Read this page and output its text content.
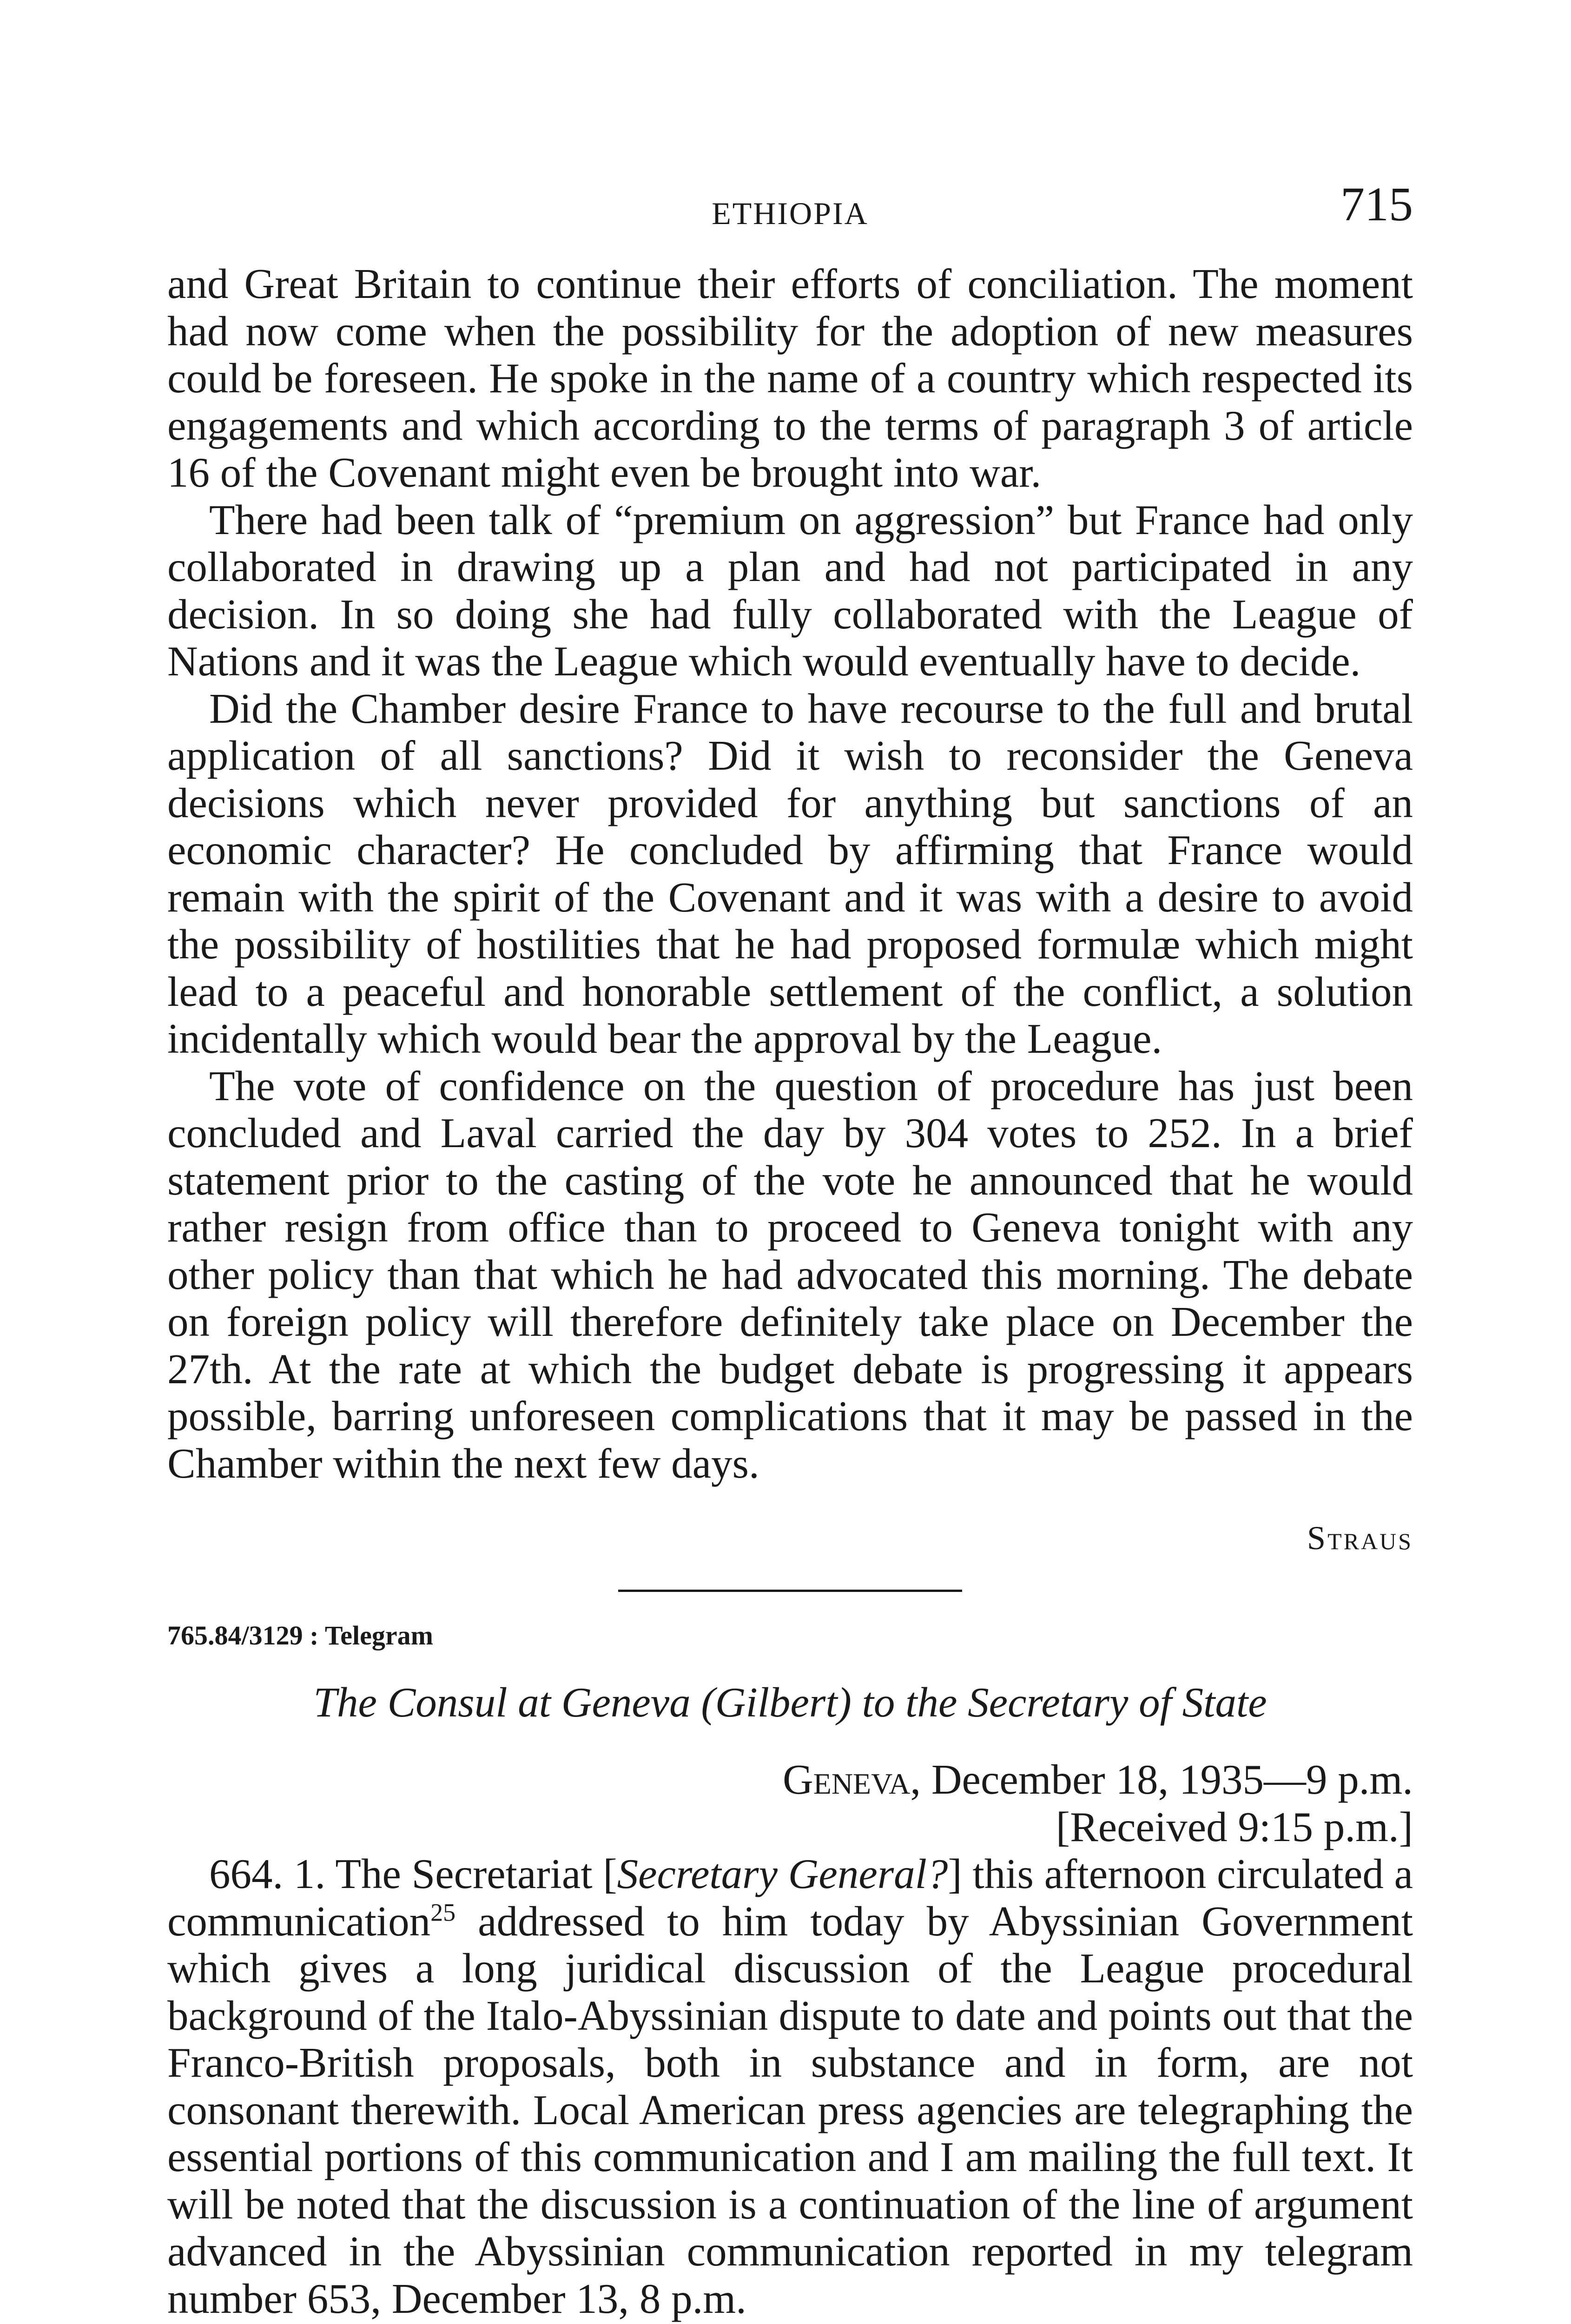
ETHIOPIA	715

and Great Britain to continue their efforts of conciliation. The moment had now come when the possibility for the adoption of new measures could be foreseen. He spoke in the name of a country which respected its engagements and which according to the terms of paragraph 3 of article 16 of the Covenant might even be brought into war.

There had been talk of “premium on aggression” but France had only collaborated in drawing up a plan and had not participated in any decision. In so doing she had fully collaborated with the League of Nations and it was the League which would eventually have to decide.

Did the Chamber desire France to have recourse to the full and brutal application of all sanctions? Did it wish to reconsider the Geneva decisions which never provided for anything but sanctions of an economic character? He concluded by affirming that France would remain with the spirit of the Covenant and it was with a desire to avoid the possibility of hostilities that he had proposed formulæ which might lead to a peaceful and honorable settlement of the conflict, a solution incidentally which would bear the approval by the League.

The vote of confidence on the question of procedure has just been concluded and Laval carried the day by 304 votes to 252. In a brief statement prior to the casting of the vote he announced that he would rather resign from office than to proceed to Geneva tonight with any other policy than that which he had advocated this morning. The debate on foreign policy will therefore definitely take place on December the 27th. At the rate at which the budget debate is progressing it appears possible, barring unforeseen complications that it may be passed in the Chamber within the next few days.

Straus
765.84/3129 : Telegram
The Consul at Geneva (Gilbert) to the Secretary of State
Geneva, December 18, 1935—9 p.m.
[Received 9:15 p.m.]

664. 1. The Secretariat [Secretary General?] this afternoon circulated a communication$^{25}$ addressed to him today by Abyssinian Government which gives a long juridical discussion of the League procedural background of the Italo-Abyssinian dispute to date and points out that the Franco-British proposals, both in substance and in form, are not consonant therewith. Local American press agencies are telegraphing the essential portions of this communication and I am mailing the full text. It will be noted that the discussion is a continuation of the line of argument advanced in the Abyssinian communication reported in my telegram number 653, December 13, 8 p.m.
